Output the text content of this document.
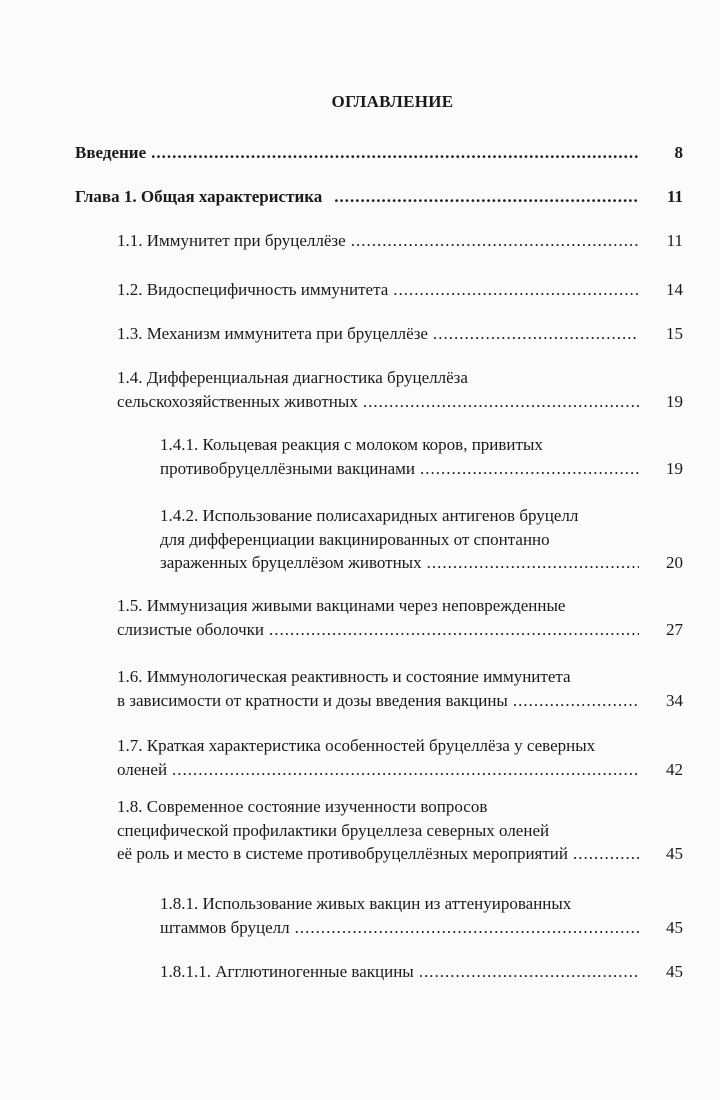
ОГЛАВЛЕНИЕ
Введение .....	8
Глава 1. Общая характеристика .....	11
1.1. Иммунитет при бруцеллёзе .....	11
1.2. Видоспецифичность иммунитета .....	14
1.3. Механизм иммунитета при бруцеллёзе .....	15
1.4. Дифференциальная диагностика бруцеллёза
сельскохозяйственных животных .....	19
1.4.1. Кольцевая реакция с молоком коров, привитых
противобруцеллёзными вакцинами .....	19
1.4.2. Использование полисахаридных антигенов бруцелл
для дифференциации вакцинированных от спонтанно
зараженных бруцеллёзом животных .....	20
1.5. Иммунизация живыми вакцинами через неповрежденные
слизистые оболочки .....	27
1.6. Иммунологическая реактивность и состояние иммунитета
в зависимости от кратности и дозы введения вакцины .....	34
1.7. Краткая характеристика особенностей бруцеллёза у северных
оленей .....	42
1.8. Современное состояние изученности вопросов
специфической профилактики бруцеллеза северных оленей
её роль и место в системе противобруцеллёзных мероприятий .....	45
1.8.1. Использование живых вакцин из аттенуированных
штаммов бруцелл .....	45
1.8.1.1. Агглютиногенные вакцины .....	45
